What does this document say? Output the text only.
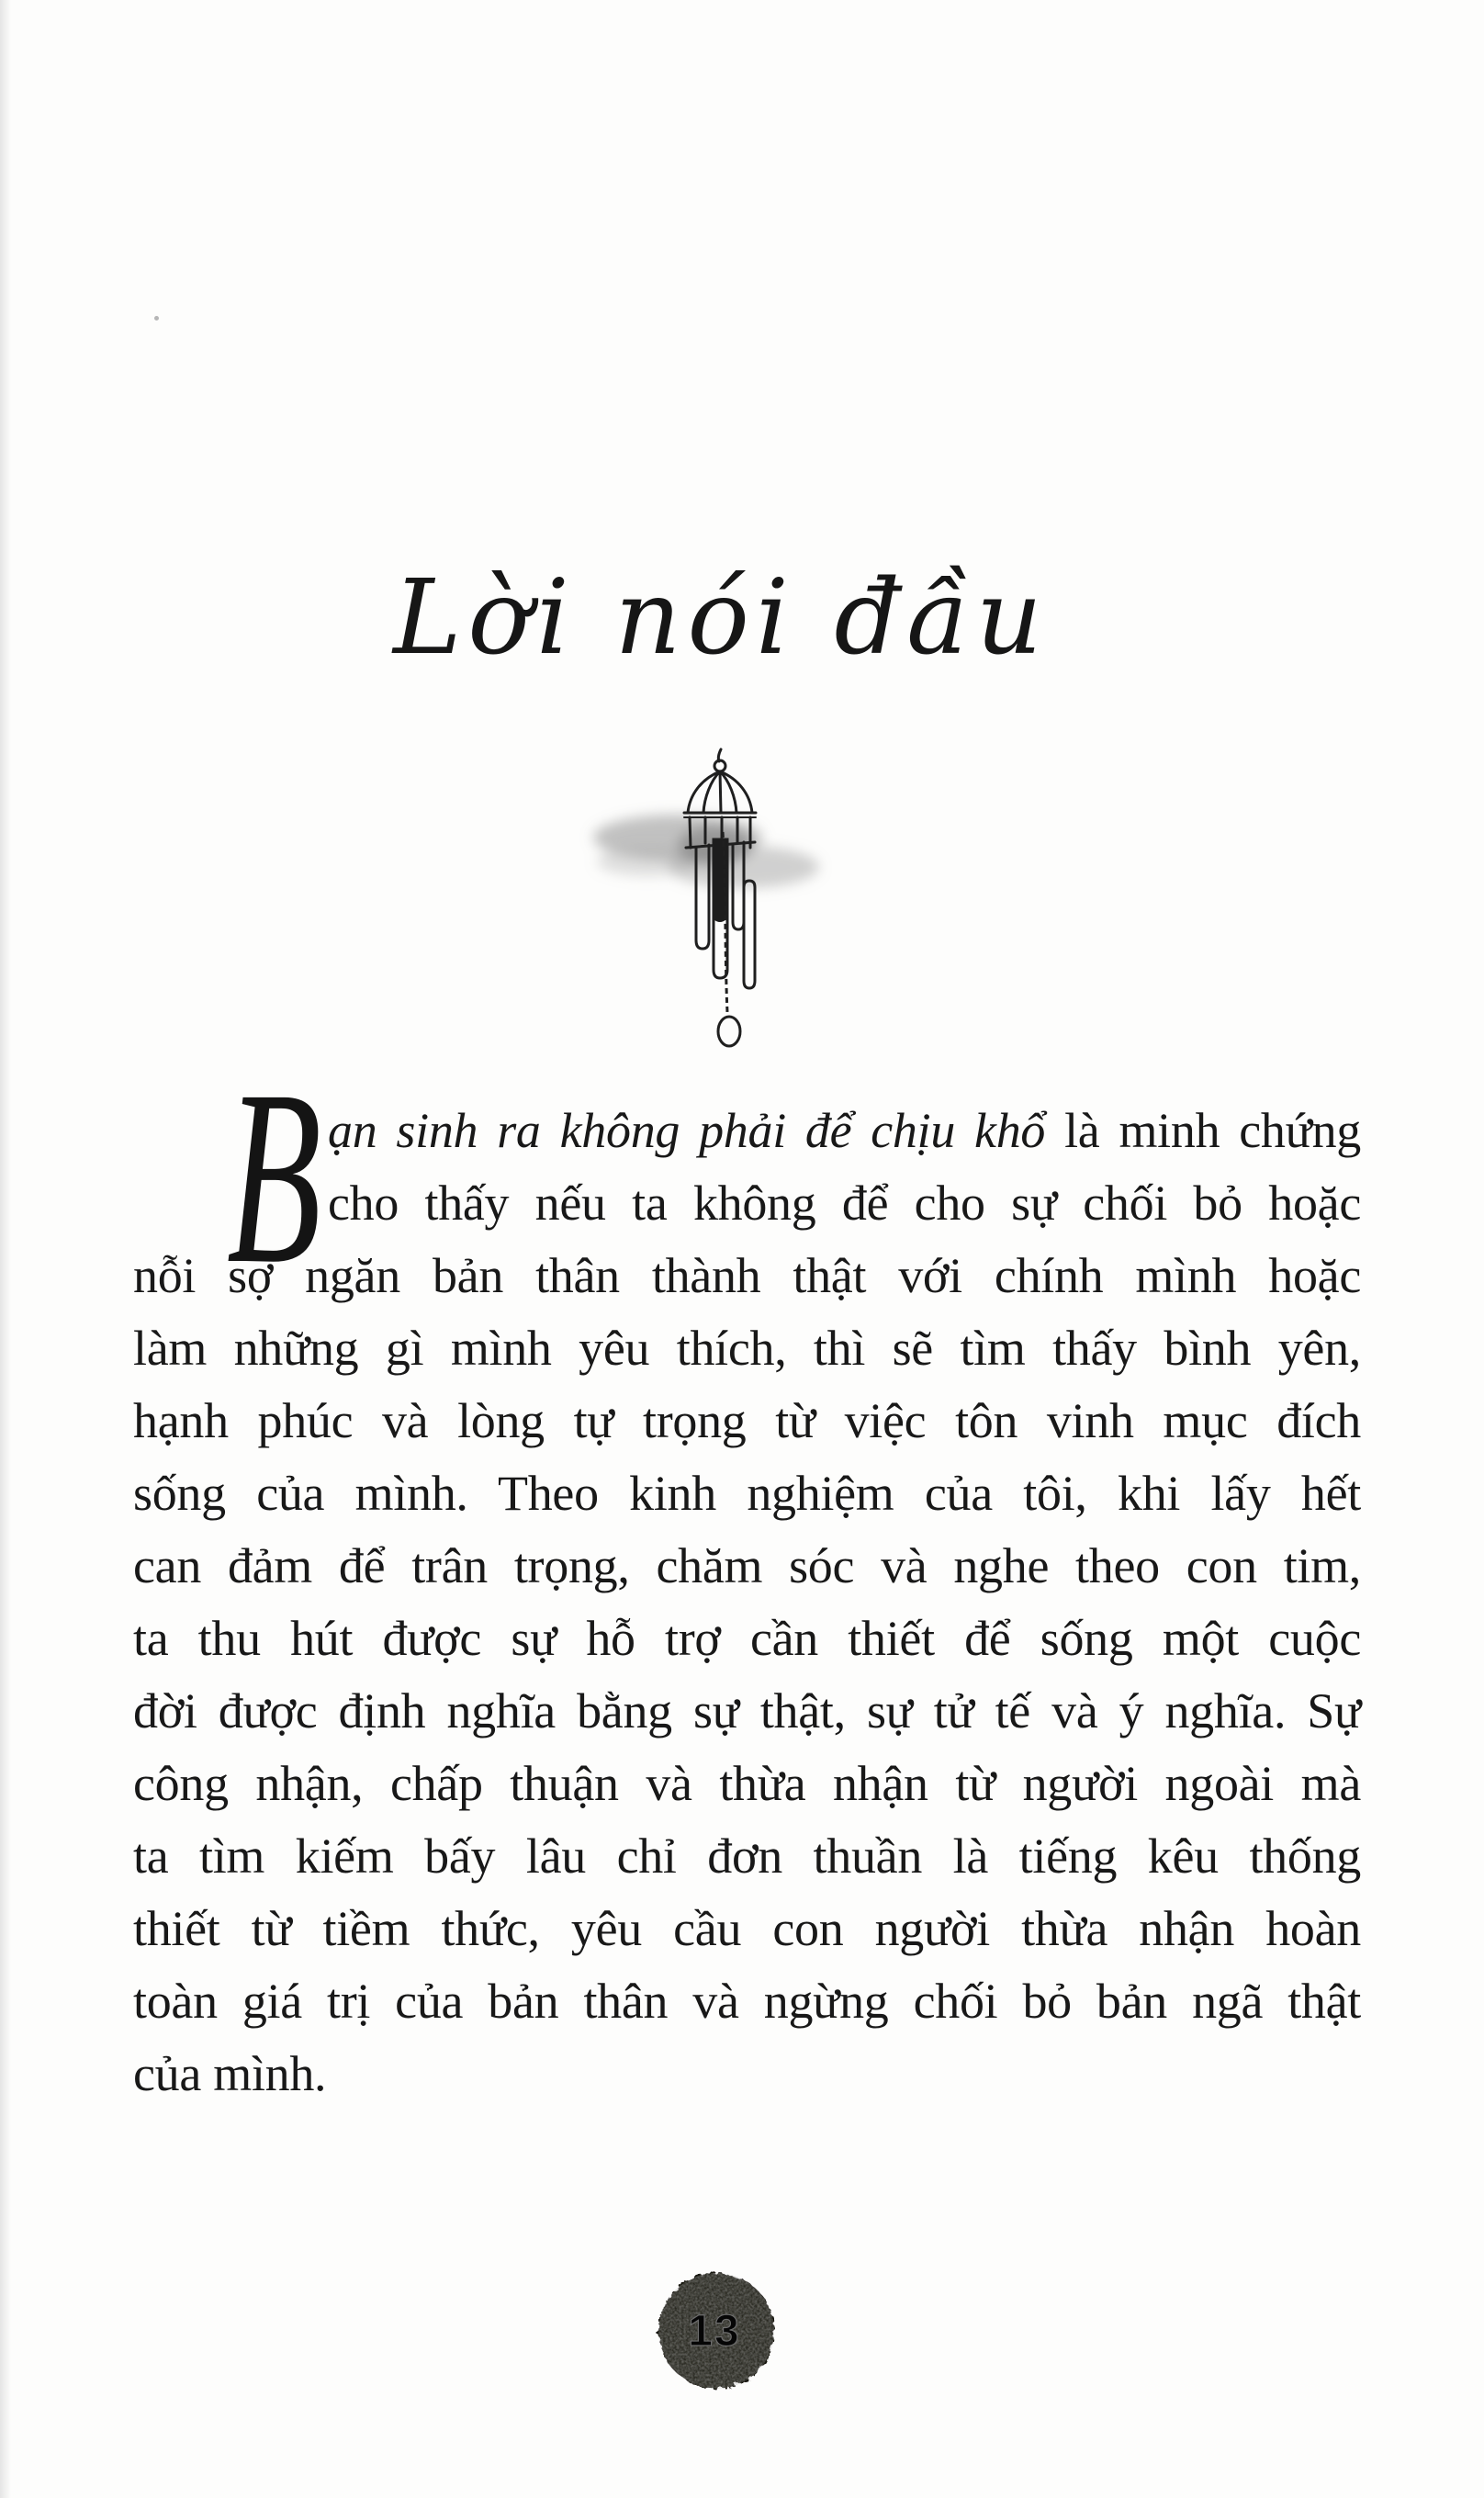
Lời nói đầu
B ạn sinh ra không phải để chịu khổ là minh chứng
cho thấy nếu ta không để cho sự chối bỏ hoặc
nỗi sợ ngăn bản thân thành thật với chính mình hoặc
làm những gì mình yêu thích, thì sẽ tìm thấy bình yên,
hạnh phúc và lòng tự trọng từ việc tôn vinh mục đích
sống của mình. Theo kinh nghiệm của tôi, khi lấy hết
can đảm để trân trọng, chăm sóc và nghe theo con tim,
ta thu hút được sự hỗ trợ cần thiết để sống một cuộc
đời được định nghĩa bằng sự thật, sự tử tế và ý nghĩa. Sự
công nhận, chấp thuận và thừa nhận từ người ngoài mà
ta tìm kiếm bấy lâu chỉ đơn thuần là tiếng kêu thống
thiết từ tiềm thức, yêu cầu con người thừa nhận hoàn
toàn giá trị của bản thân và ngừng chối bỏ bản ngã thật
của mình.
13
